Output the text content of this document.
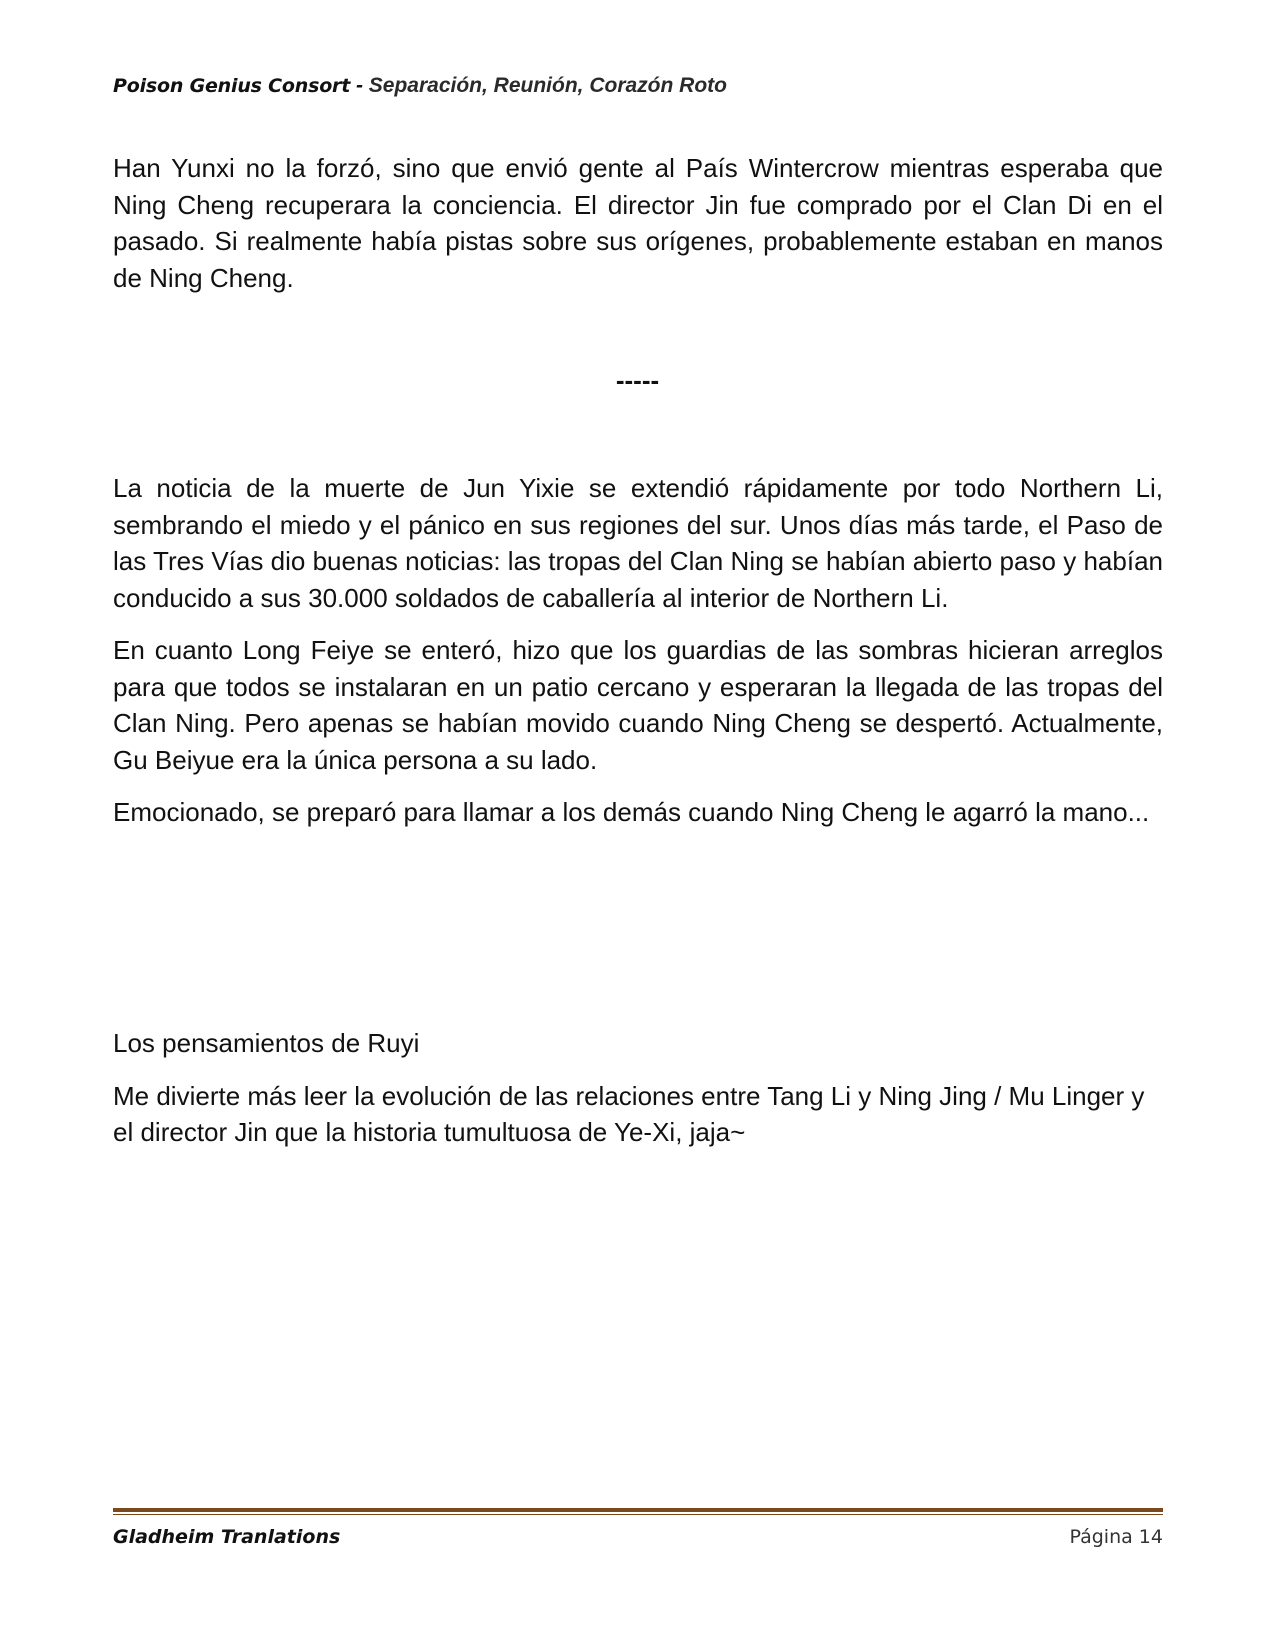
Poison Genius Consort - Separación, Reunión, Corazón Roto

Han Yunxi no la forzó, sino que envió gente al País Wintercrow mientras esperaba que Ning Cheng recuperara la conciencia. El director Jin fue comprado por el Clan Di en el pasado. Si realmente había pistas sobre sus orígenes, probablemente estaban en manos de Ning Cheng.

-----

La noticia de la muerte de Jun Yixie se extendió rápidamente por todo Northern Li, sembrando el miedo y el pánico en sus regiones del sur. Unos días más tarde, el Paso de las Tres Vías dio buenas noticias: las tropas del Clan Ning se habían abierto paso y habían conducido a sus 30.000 soldados de caballería al interior de Northern Li.

En cuanto Long Feiye se enteró, hizo que los guardias de las sombras hicieran arreglos para que todos se instalaran en un patio cercano y esperaran la llegada de las tropas del Clan Ning. Pero apenas se habían movido cuando Ning Cheng se despertó. Actualmente, Gu Beiyue era la única persona a su lado.

Emocionado, se preparó para llamar a los demás cuando Ning Cheng le agarró la mano...

Los pensamientos de Ruyi

Me divierte más leer la evolución de las relaciones entre Tang Li y Ning Jing / Mu Linger y el director Jin que la historia tumultuosa de Ye-Xi, jaja~

Gladheim Tranlations	Página 14
